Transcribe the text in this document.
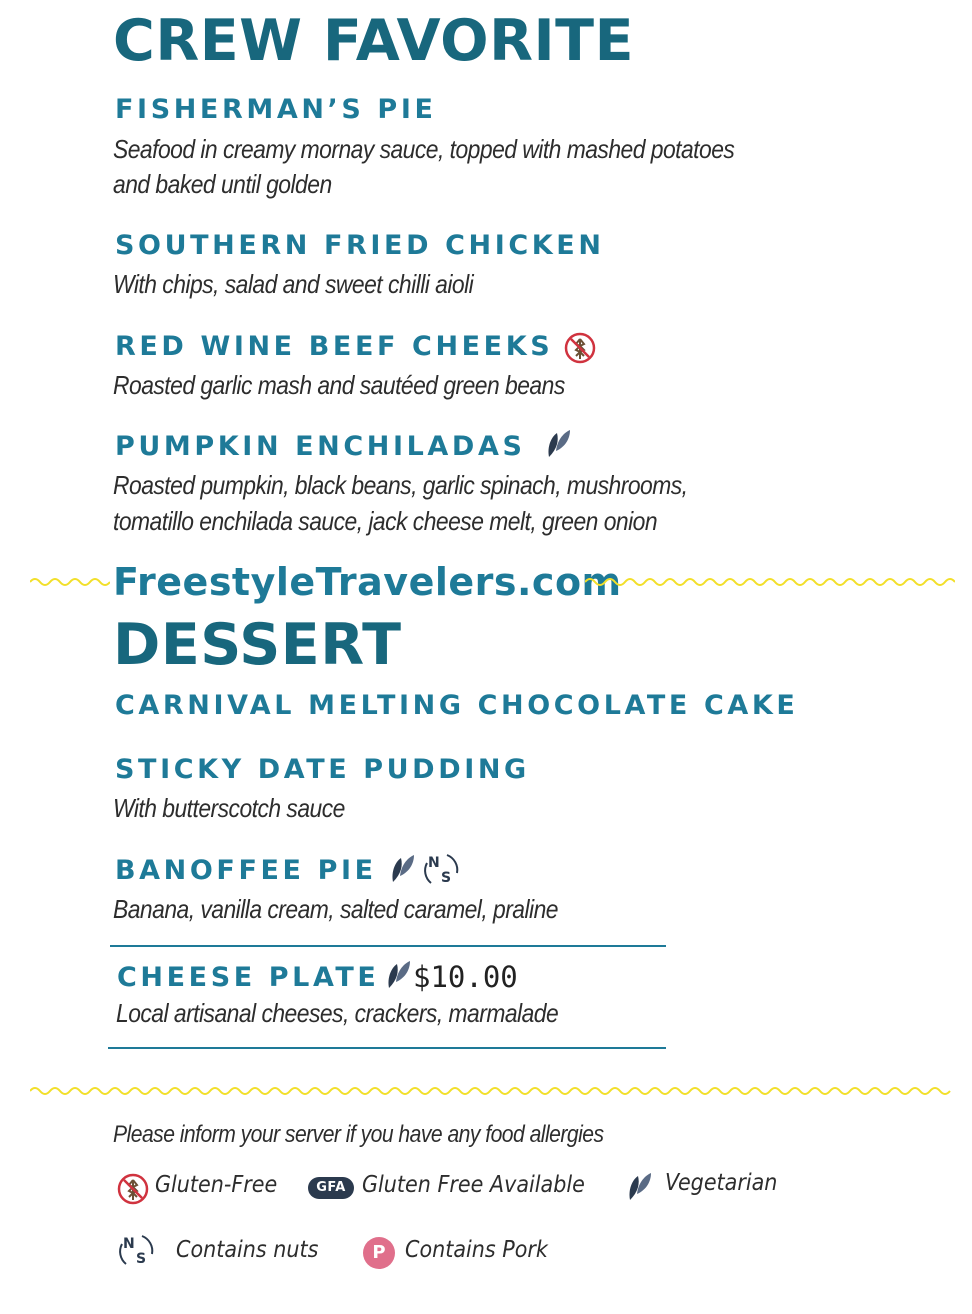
CREW FAVORITE
FISHERMAN’S PIE
Seafood in creamy mornay sauce, topped with mashed potatoes
and baked until golden
SOUTHERN FRIED CHICKEN
With chips, salad and sweet chilli aioli
RED WINE BEEF CHEEKS
Roasted garlic mash and sautéed green beans
PUMPKIN ENCHILADAS
Roasted pumpkin, black beans, garlic spinach, mushrooms,
tomatillo enchilada sauce, jack cheese melt, green onion
FreestyleTravelers.com
DESSERT
CARNIVAL MELTING CHOCOLATE CAKE
STICKY DATE PUDDING
With butterscotch sauce
BANOFFEE PIE	N
S
Banana, vanilla cream, salted caramel, praline
CHEESE PLATE $10.00
Local artisanal cheeses, crackers, marmalade
Please inform your server if you have any food allergies
Gluten-Free	GFA Gluten Free Available	Vegetarian
N
S Contains nuts	P Contains Pork
